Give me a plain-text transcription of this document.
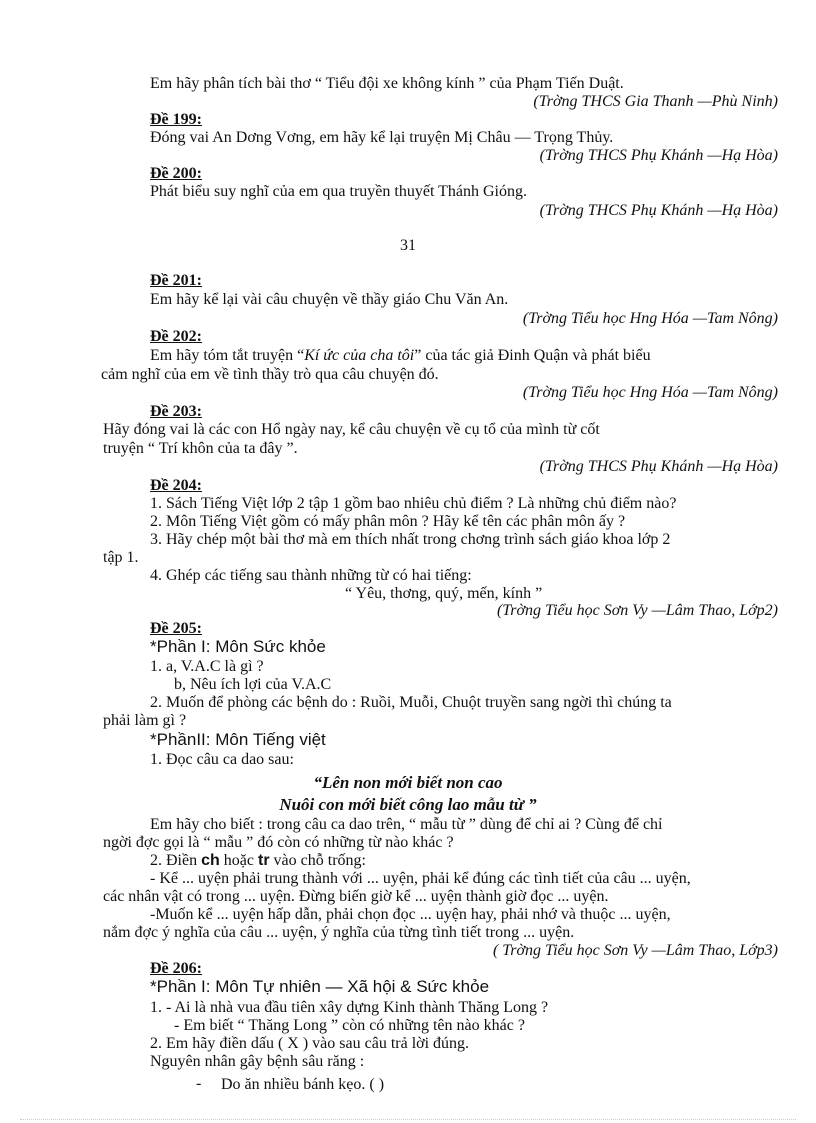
Em hãy phân tích bài thơ “ Tiểu đội xe không kính ” của Phạm Tiến Duật.
(Trờng THCS Gia Thanh —Phù Ninh)
Đề 199:
Đóng vai An Dơng Vơng, em hãy kể lại truyện Mị Châu — Trọng Thủy.
(Trờng THCS Phụ Khánh —Hạ Hòa)
Đề 200:
Phát biểu suy nghĩ của em qua truyền thuyết Thánh Gióng.
(Trờng THCS Phụ Khánh —Hạ Hòa)
31
Đề 201:
Em hãy kể lại vài câu chuyện về thầy giáo Chu Văn An.
(Trờng Tiểu học Hng Hóa —Tam Nông)
Đề 202:
Em hãy tóm tắt truyện “Kí ức của cha tôi” của tác giả Đinh Quận và phát biểu
cảm nghĩ của em về tình thầy trò qua câu chuyện đó.
(Trờng Tiểu học Hng Hóa —Tam Nông)
Đề 203:
Hãy đóng vai là các con Hổ ngày nay, kể câu chuyện về cụ tổ của mình từ cốt
truyện “ Trí khôn của ta đây ”.
(Trờng THCS Phụ Khánh —Hạ Hòa)
Đề 204:
1. Sách Tiếng Việt lớp 2 tập 1 gồm bao nhiêu chủ điểm ? Là những chủ điểm nào?
2. Môn Tiếng Việt gồm có mấy phân môn ? Hãy kể tên các phân môn ấy ?
3. Hãy chép một bài thơ mà em thích nhất trong chơng trình sách giáo khoa lớp 2
tập 1.
4. Ghép các tiếng sau thành những từ có hai tiếng:
“ Yêu, thơng, quý, mến, kính ”
(Trờng Tiểu học Sơn Vy —Lâm Thao, Lớp2)
Đề 205:
*Phần I: Môn Sức khỏe
1. a, V.A.C là gì ?
b, Nêu ích lợi của V.A.C
2. Muốn để phòng các bệnh do : Ruồi, Muỗi, Chuột truyền sang ngời thì chúng ta
phải làm gì ?
*PhầnII: Môn Tiếng việt
1. Đọc câu ca dao sau:
“Lên non mới biết non cao
Nuôi con mới biết công lao mẫu từ ”
Em hãy cho biết : trong câu ca dao trên, “ mẫu từ ” dùng để chỉ ai ? Cùng để chỉ
ngời đợc gọi là “ mẫu ” đó còn có những từ nào khác ?
2. Điền ch hoặc tr vào chỗ trống:
- Kể ... uyện phải trung thành với ... uyện, phải kể đúng các tình tiết của câu ... uyện,
các nhân vật có trong ... uyện. Đừng biến giờ kể ... uyện thành giờ đọc ... uyện.
-Muốn kể ... uyện hấp dẫn, phải chọn đọc ... uyện hay, phải nhớ và thuộc ... uyện,
nắm đợc ý nghĩa của câu ... uyện, ý nghĩa của từng tình tiết trong ... uyện.
( Trờng Tiểu học Sơn Vy —Lâm Thao, Lớp3)
Đề 206:
*Phần I: Môn Tự nhiên — Xã hội & Sức khỏe
1. - Ai là nhà vua đầu tiên xây dựng Kinh thành Thăng Long ?
- Em biết “ Thăng Long ” còn có những tên nào khác ?
2. Em hãy điền dấu ( X ) vào sau câu trả lời đúng.
Nguyên nhân gây bệnh sâu răng :
- Do ăn nhiều bánh kẹo. ( )
